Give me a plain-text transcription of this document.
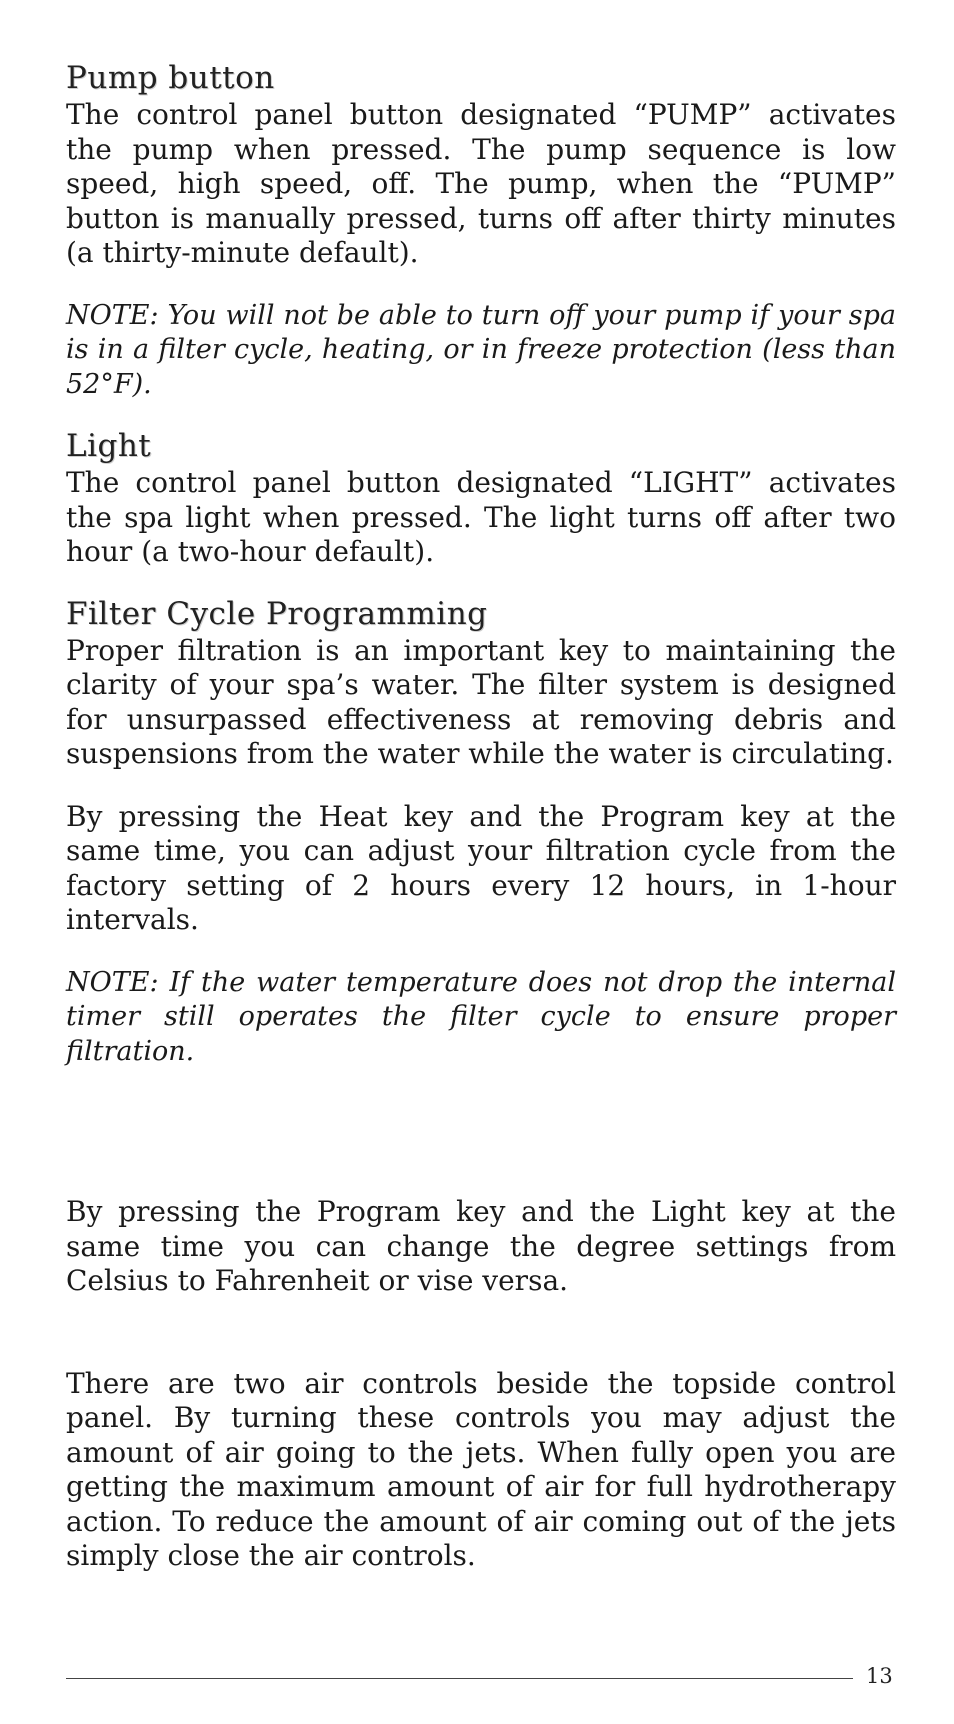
Pump button

The control panel button designated “PUMP” activates the pump when pressed. The pump sequence is low speed, high speed, off. The pump, when the “PUMP” button is manually pressed, turns off after thirty minutes (a thirty-minute default).

NOTE: You will not be able to turn off your pump if your spa is in a filter cycle, heating, or in freeze protection (less than 52°F).

Light

The control panel button designated “LIGHT” activates the spa light when pressed. The light turns off after two hour (a two-hour default).

Filter Cycle Programming

Proper filtration is an important key to maintaining the clarity of your spa’s water. The filter system is designed for unsurpassed effectiveness at removing debris and suspensions from the water while the water is circulating.

By pressing the Heat key and the Program key at the same time, you can adjust your filtration cycle from the factory setting of 2 hours every 12 hours, in 1-hour intervals.

NOTE: If the water temperature does not drop the internal timer still operates the filter cycle to ensure proper filtration.

By pressing the Program key and the Light key at the same time you can change the degree settings from Celsius to Fahrenheit or vise versa.

There are two air controls beside the topside control panel. By turning these controls you may adjust the amount of air going to the jets. When fully open you are getting the maximum amount of air for full hydrotherapy action. To reduce the amount of air coming out of the jets simply close the air controls.

13
